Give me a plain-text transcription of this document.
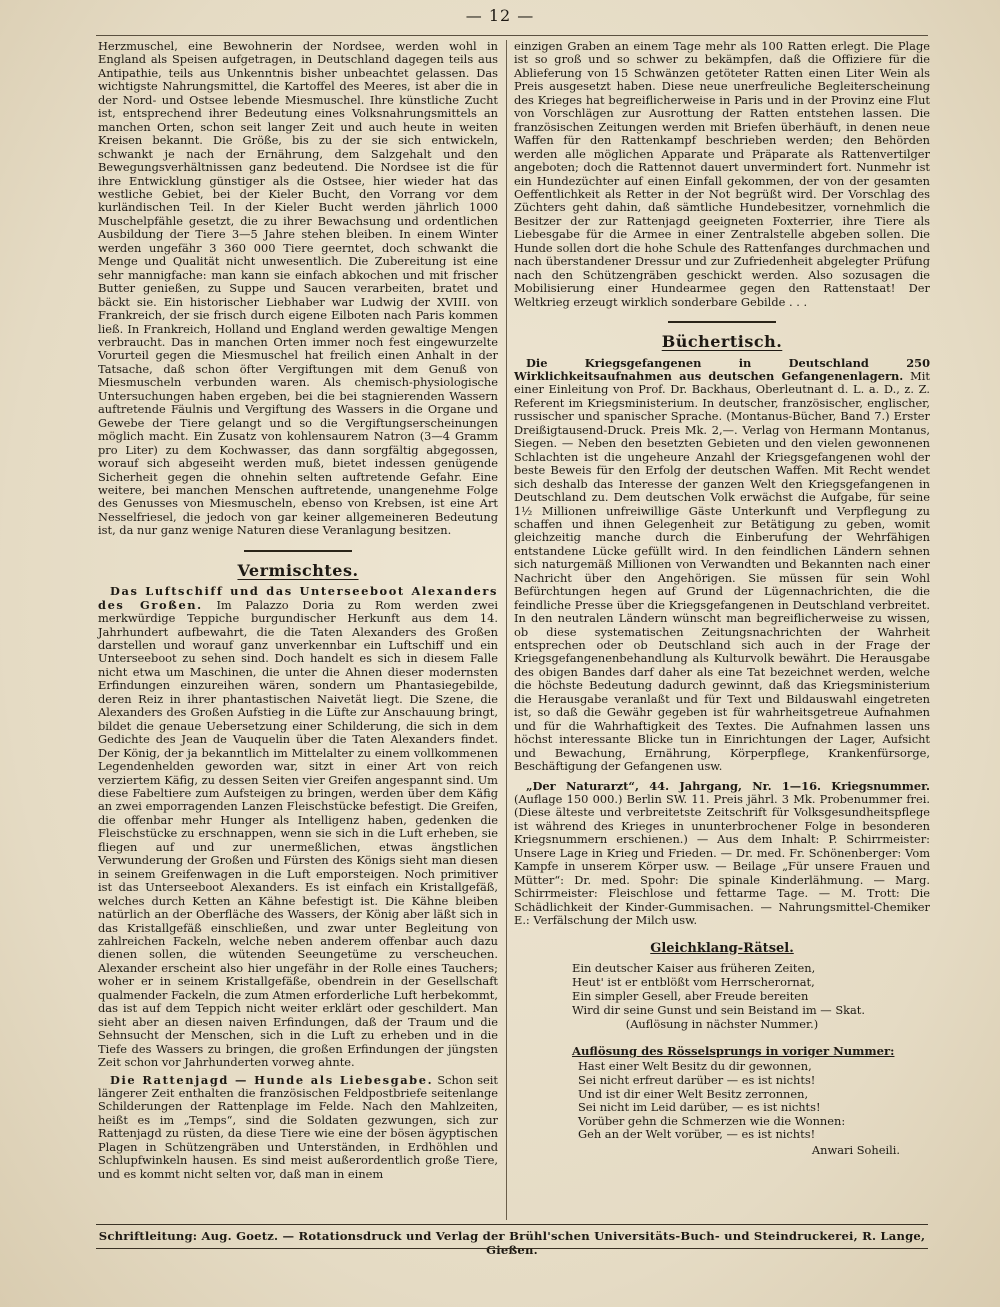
— 12 —

Herzmuschel, eine Bewohnerin der Nordsee, werden wohl in England als Speisen aufgetragen, in Deutschland dagegen teils aus Antipathie, teils aus Unkenntnis bisher unbeachtet gelassen. Das wichtigste Nahrungsmittel, die Kartoffel des Meeres, ist aber die in der Nord- und Ostsee lebende Miesmuschel. Ihre künstliche Zucht ist, entsprechend ihrer Bedeutung eines Volksnahrungsmittels an manchen Orten, schon seit langer Zeit und auch heute in weiten Kreisen bekannt. Die Größe, bis zu der sie sich entwickeln, schwankt je nach der Ernährung, dem Salzgehalt und den Bewegungsverhältnissen ganz bedeutend. Die Nordsee ist die für ihre Entwicklung günstiger als die Ostsee, hier wieder hat das westliche Gebiet, bei der Kieler Bucht, den Vorrang vor dem kurländischen Teil. In der Kieler Bucht werden jährlich 1000 Muschelpfähle gesetzt, die zu ihrer Bewachsung und ordentlichen Ausbildung der Tiere 3—5 Jahre stehen bleiben. In einem Winter werden ungefähr 3 360 000 Tiere geerntet, doch schwankt die Menge und Qualität nicht unwesentlich. Die Zubereitung ist eine sehr mannigfache: man kann sie einfach abkochen und mit frischer Butter genießen, zu Suppe und Saucen verarbeiten, bratet und bäckt sie. Ein historischer Liebhaber war Ludwig der XVIII. von Frankreich, der sie frisch durch eigene Eilboten nach Paris kommen ließ. In Frankreich, Holland und England werden gewaltige Mengen verbraucht. Das in manchen Orten immer noch fest eingewurzelte Vorurteil gegen die Miesmuschel hat freilich einen Anhalt in der Tatsache, daß schon öfter Vergiftungen mit dem Genuß von Miesmuscheln verbunden waren. Als chemisch-physiologische Untersuchungen haben ergeben, bei die bei stagnierenden Wassern auftretende Fäulnis und Vergiftung des Wassers in die Organe und Gewebe der Tiere gelangt und so die Vergiftungserscheinungen möglich macht. Ein Zusatz von kohlensaurem Natron (3—4 Gramm pro Liter) zu dem Kochwasser, das dann sorgfältig abgegossen, worauf sich abgeseiht werden muß, bietet indessen genügende Sicherheit gegen die ohnehin selten auftretende Gefahr. Eine weitere, bei manchen Menschen auftretende, unangenehme Folge des Genusses von Miesmuscheln, ebenso von Krebsen, ist eine Art Nesselfriesel, die jedoch von gar keiner allgemeineren Bedeutung ist, da nur ganz wenige Naturen diese Veranlagung besitzen.

Vermischtes.

Das Luftschiff und das Unterseeboot Alexanders des Großen. Im Palazzo Doria zu Rom werden zwei merkwürdige Teppiche burgundischer Herkunft aus dem 14. Jahrhundert aufbewahrt, die die Taten Alexanders des Großen darstellen und worauf ganz unverkennbar ein Luftschiff und ein Unterseeboot zu sehen sind. Doch handelt es sich in diesem Falle nicht etwa um Maschinen, die unter die Ahnen dieser modernsten Erfindungen einzureihen wären, sondern um Phantasiegebilde, deren Reiz in ihrer phantastischen Naivetät liegt. Die Szene, die Alexanders des Großen Aufstieg in die Lüfte zur Anschauung bringt, bildet die genaue Uebersetzung einer Schilderung, die sich in dem Gedichte des Jean de Vauquelin über die Taten Alexanders findet. Der König, der ja bekanntlich im Mittelalter zu einem vollkommenen Legendenhelden geworden war, sitzt in einer Art von reich verziertem Käfig, zu dessen Seiten vier Greifen angespannt sind. Um diese Fabeltiere zum Aufsteigen zu bringen, werden über dem Käfig an zwei emporragenden Lanzen Fleischstücke befestigt. Die Greifen, die offenbar mehr Hunger als Intelligenz haben, gedenken die Fleischstücke zu erschnappen, wenn sie sich in die Luft erheben, sie fliegen auf und zur unermeßlichen, etwas ängstlichen Verwunderung der Großen und Fürsten des Königs sieht man diesen in seinem Greifenwagen in die Luft emporsteigen. Noch primitiver ist das Unterseeboot Alexanders. Es ist einfach ein Kristallgefäß, welches durch Ketten an Kähne befestigt ist. Die Kähne bleiben natürlich an der Oberfläche des Wassers, der König aber läßt sich in das Kristallgefäß einschließen, und zwar unter Begleitung von zahlreichen Fackeln, welche neben anderem offenbar auch dazu dienen sollen, die wütenden Seeungetüme zu verscheuchen. Alexander erscheint also hier ungefähr in der Rolle eines Tauchers; woher er in seinem Kristallgefäße, obendrein in der Gesellschaft qualmender Fackeln, die zum Atmen erforderliche Luft herbekommt, das ist auf dem Teppich nicht weiter erklärt oder geschildert. Man sieht aber an diesen naiven Erfindungen, daß der Traum und die Sehnsucht der Menschen, sich in die Luft zu erheben und in die Tiefe des Wassers zu bringen, die großen Erfindungen der jüngsten Zeit schon vor Jahrhunderten vorweg ahnte.

Die Rattenjagd — Hunde als Liebesgabe. Schon seit längerer Zeit enthalten die französischen Feldpostbriefe seitenlange Schilderungen der Rattenplage im Felde. Nach den Mahlzeiten, heißt es im „Temps“, sind die Soldaten gezwungen, sich zur Rattenjagd zu rüsten, da diese Tiere wie eine der bösen ägyptischen Plagen in Schützengräben und Unterständen, in Erdhöhlen und Schlupfwinkeln hausen. Es sind meist außerordentlich große Tiere, und es kommt nicht selten vor, daß man in einem

einzigen Graben an einem Tage mehr als 100 Ratten erlegt. Die Plage ist so groß und so schwer zu bekämpfen, daß die Offiziere für die Ablieferung von 15 Schwänzen getöteter Ratten einen Liter Wein als Preis ausgesetzt haben. Diese neue unerfreuliche Begleiterscheinung des Krieges hat begreiflicherweise in Paris und in der Provinz eine Flut von Vorschlägen zur Ausrottung der Ratten entstehen lassen. Die französischen Zeitungen werden mit Briefen überhäuft, in denen neue Waffen für den Rattenkampf beschrieben werden; den Behörden werden alle möglichen Apparate und Präparate als Rattenvertilger angeboten; doch die Rattennot dauert unvermindert fort. Nunmehr ist ein Hundezüchter auf einen Einfall gekommen, der von der gesamten Oeffentlichkeit als Retter in der Not begrüßt wird. Der Vorschlag des Züchters geht dahin, daß sämtliche Hundebesitzer, vornehmlich die Besitzer der zur Rattenjagd geeigneten Foxterrier, ihre Tiere als Liebesgabe für die Armee in einer Zentralstelle abgeben sollen. Die Hunde sollen dort die hohe Schule des Rattenfanges durchmachen und nach überstandener Dressur und zur Zufriedenheit abgelegter Prüfung nach den Schützengräben geschickt werden. Also sozusagen die Mobilisierung einer Hundearmee gegen den Rattenstaat! Der Weltkrieg erzeugt wirklich sonderbare Gebilde . . .

Büchertisch.

Die Kriegsgefangenen in Deutschland 250 Wirklichkeitsaufnahmen aus deutschen Gefangenenlagern. Mit einer Einleitung von Prof. Dr. Backhaus, Oberleutnant d. L. a. D., z. Z. Referent im Kriegsministerium. In deutscher, französischer, englischer, russischer und spanischer Sprache. (Montanus-Bücher, Band 7.) Erster Dreißigtausend-Druck. Preis Mk. 2,—. Verlag von Hermann Montanus, Siegen. — Neben den besetzten Gebieten und den vielen gewonnenen Schlachten ist die ungeheure Anzahl der Kriegsgefangenen wohl der beste Beweis für den Erfolg der deutschen Waffen. Mit Recht wendet sich deshalb das Interesse der ganzen Welt den Kriegsgefangenen in Deutschland zu. Dem deutschen Volk erwächst die Aufgabe, für seine 1½ Millionen unfreiwillige Gäste Unterkunft und Verpflegung zu schaffen und ihnen Gelegenheit zur Betätigung zu geben, womit gleichzeitig manche durch die Einberufung der Wehrfähigen entstandene Lücke gefüllt wird. In den feindlichen Ländern sehnen sich naturgemäß Millionen von Verwandten und Bekannten nach einer Nachricht über den Angehörigen. Sie müssen für sein Wohl Befürchtungen hegen auf Grund der Lügennachrichten, die die feindliche Presse über die Kriegsgefangenen in Deutschland verbreitet. In den neutralen Ländern wünscht man begreiflicherweise zu wissen, ob diese systematischen Zeitungsnachrichten der Wahrheit entsprechen oder ob Deutschland sich auch in der Frage der Kriegsgefangenenbehandlung als Kulturvolk bewährt. Die Herausgabe des obigen Bandes darf daher als eine Tat bezeichnet werden, welche die höchste Bedeutung dadurch gewinnt, daß das Kriegsministerium die Herausgabe veranlaßt und für Text und Bildauswahl eingetreten ist, so daß die Gewähr gegeben ist für wahrheitsgetreue Aufnahmen und für die Wahrhaftigkeit des Textes. Die Aufnahmen lassen uns höchst interessante Blicke tun in Einrichtungen der Lager, Aufsicht und Bewachung, Ernährung, Körperpflege, Krankenfürsorge, Beschäftigung der Gefangenen usw.

„Der Naturarzt“, 44. Jahrgang, Nr. 1—16. Kriegsnummer. (Auflage 150 000.) Berlin SW. 11. Preis jährl. 3 Mk. Probenummer frei. (Diese älteste und verbreitetste Zeitschrift für Volksgesundheitspflege ist während des Krieges in ununterbrochener Folge in besonderen Kriegsnummern erschienen.) — Aus dem Inhalt: P. Schirrmeister: Unsere Lage in Krieg und Frieden. — Dr. med. Fr. Schönenberger: Vom Kampfe in unserem Körper usw. — Beilage „Für unsere Frauen und Mütter“: Dr. med. Spohr: Die spinale Kinderlähmung. — Marg. Schirrmeister: Fleischlose und fettarme Tage. — M. Trott: Die Schädlichkeit der Kinder-Gummisachen. — Nahrungsmittel-Chemiker E.: Verfälschung der Milch usw.

Gleichklang-Rätsel.
Ein deutscher Kaiser aus früheren Zeiten,
Heut' ist er entblößt vom Herrscherornat,
Ein simpler Gesell, aber Freude bereiten
Wird dir seine Gunst und sein Beistand im — Skat.
(Auflösung in nächster Nummer.)
Auflösung des Rösselsprungs in voriger Nummer:
Hast einer Welt Besitz du dir gewonnen,
Sei nicht erfreut darüber — es ist nichts!
Und ist dir einer Welt Besitz zerronnen,
Sei nicht im Leid darüber, — es ist nichts!
Vorüber gehn die Schmerzen wie die Wonnen:
Geh an der Welt vorüber, — es ist nichts!
Anwari Soheili.
Schriftleitung: Aug. Goetz. — Rotationsdruck und Verlag der Brühl'schen Universitäts-Buch- und Steindruckerei, R. Lange, Gießen.
